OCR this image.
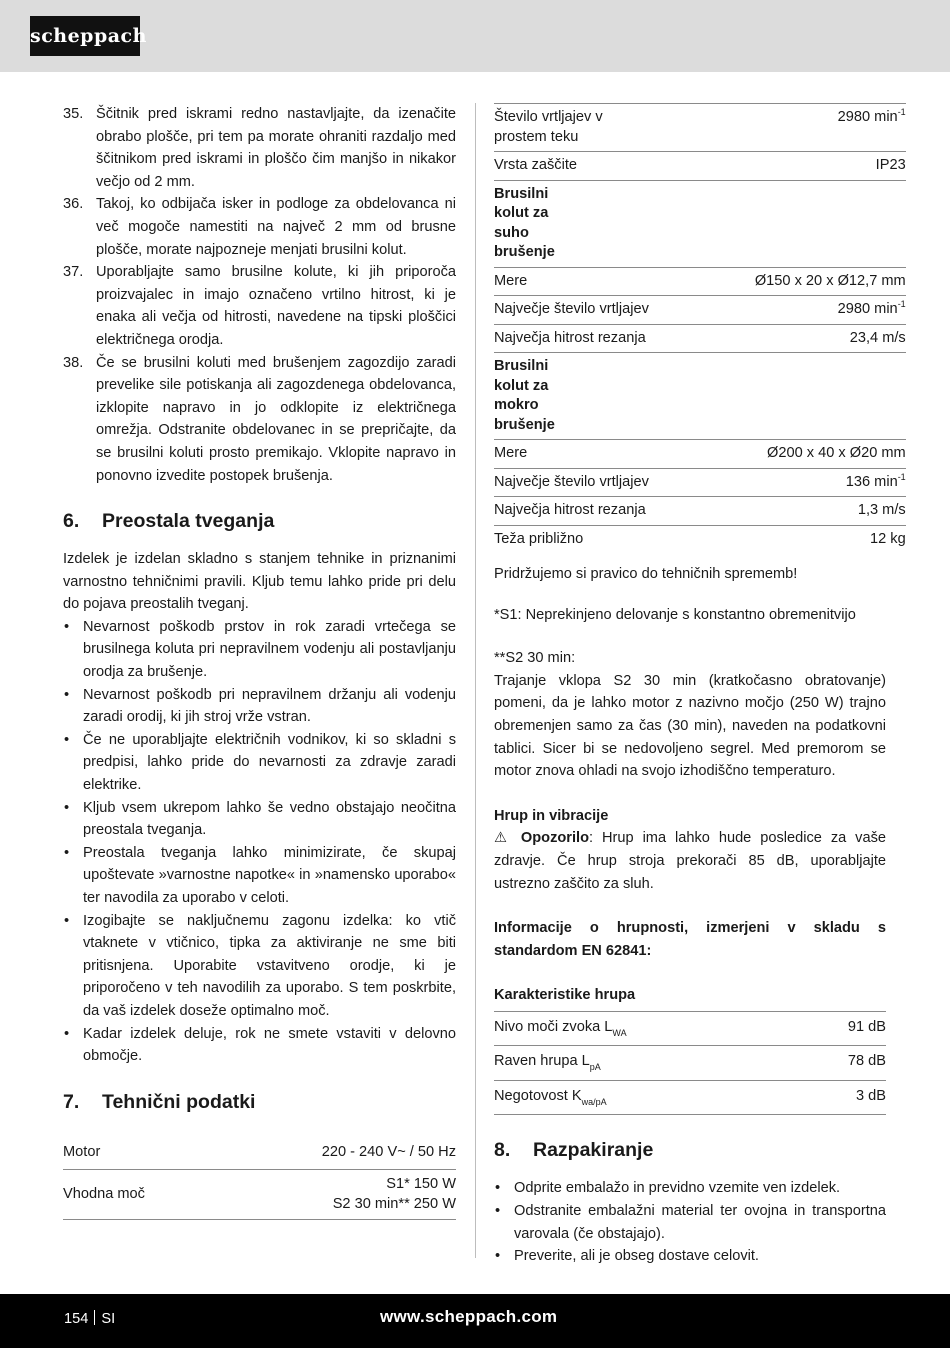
scheppach
35. Ščitnik pred iskrami redno nastavljajte, da izenačite obrabo plošče, pri tem pa morate ohraniti razdaljo med ščitnikom pred iskrami in ploščo čim manjšo in nikakor večjo od 2 mm.
36. Takoj, ko odbijača isker in podloge za obdelovanca ni več mogoče namestiti na največ 2 mm od brusne plošče, morate najpozneje menjati brusilni kolut.
37. Uporabljajte samo brusilne kolute, ki jih priporoča proizvajalec in imajo označeno vrtilno hitrost, ki je enaka ali večja od hitrosti, navedene na tipski ploščici električnega orodja.
38. Če se brusilni koluti med brušenjem zagozdijo zaradi prevelike sile potiskanja ali zagozdenega obdelovanca, izklopite napravo in jo odklopite iz električnega omrežja. Odstranite obdelovanec in se prepričajte, da se brusilni koluti prosto premikajo. Vklopite napravo in ponovno izvedite postopek brušenja.
6.	Preostala tveganja

Izdelek je izdelan skladno s stanjem tehnike in priznanimi varnostno tehničnimi pravili. Kljub temu lahko pride pri delu do pojava preostalih tveganj.

• Nevarnost poškodb prstov in rok zaradi vrtečega se brusilnega koluta pri nepravilnem vodenju ali postavljanju orodja za brušenje.
• Nevarnost poškodb pri nepravilnem držanju ali vodenju zaradi orodij, ki jih stroj vrže vstran.
• Če ne uporabljajte električnih vodnikov, ki so skladni s predpisi, lahko pride do nevarnosti za zdravje zaradi elektrike.
• Kljub vsem ukrepom lahko še vedno obstajajo neočitna preostala tveganja.
• Preostala tveganja lahko minimizirate, če skupaj upoštevate »varnostne napotke« in »namensko uporabo« ter navodila za uporabo v celoti.
• Izogibajte se naključnemu zagonu izdelka: ko vtič vtaknete v vtičnico, tipka za aktiviranje ne sme biti pritisnjena. Uporabite vstavitveno orodje, ki je priporočeno v teh navodilih za uporabo. S tem poskrbite, da vaš izdelek doseže optimalno moč.
• Kadar izdelek deluje, rok ne smete vstaviti v delovno območje.
7.	Tehnični podatki
Motor	220 - 240 V~ / 50 Hz
Vhodna moč	S1* 150 W
S2 30 min** 250 W
Število vrtljajev v prostem teku	2980 $\min^{-1}$
Vrsta zaščite	IP23
Brusilni kolut za suho brušenje	
Mere	Ø150 x 20 x Ø12,7 mm
Največje število vrtljajev	2980 $\min^{-1}$
Največja hitrost rezanja	23,4 m/s
Brusilni kolut za mokro brušenje	
Mere	Ø200 x 40 x Ø20 mm
Največje število vrtljajev	136 $\min^{-1}$
Največja hitrost rezanja	1,3 m/s
Teža približno	12 kg

Pridržujemo si pravico do tehničnih sprememb!

*S1: Neprekinjeno delovanje s konstantno obremenitvijo

**S2 30 min:

Trajanje vklopa S2 30 min (kratkočasno obratovanje) pomeni, da je lahko motor z nazivno močjo (250 W) trajno obremenjen samo za čas (30 min), naveden na podatkovni tablici. Sicer bi se nedovoljeno segrel. Med premorom se motor znova ohladi na svojo izhodiščno temperaturo.

Hrup in vibracije

⚠ Opozorilo: Hrup ima lahko hude posledice za vaše zdravje. Če hrup stroja prekorači 85 dB, uporabljajte ustrezno zaščito za sluh.

Informacije o hrupnosti, izmerjeni v skladu s standardom EN 62841:

Karakteristike hrupa

Nivo moči zvoka $L_{WA}$	91 dB
Raven hrupa $L_{pA}$	78 dB
Negotovost $K_{wa/pA}$	3 dB
8.	Razpakiranje
• Odprite embalažo in previdno vzemite ven izdelek.
• Odstranite embalažni material ter ovojna in transportna varovala (če obstajajo).
• Preverite, ali je obseg dostave celovit.
154 SI	www.scheppach.com
